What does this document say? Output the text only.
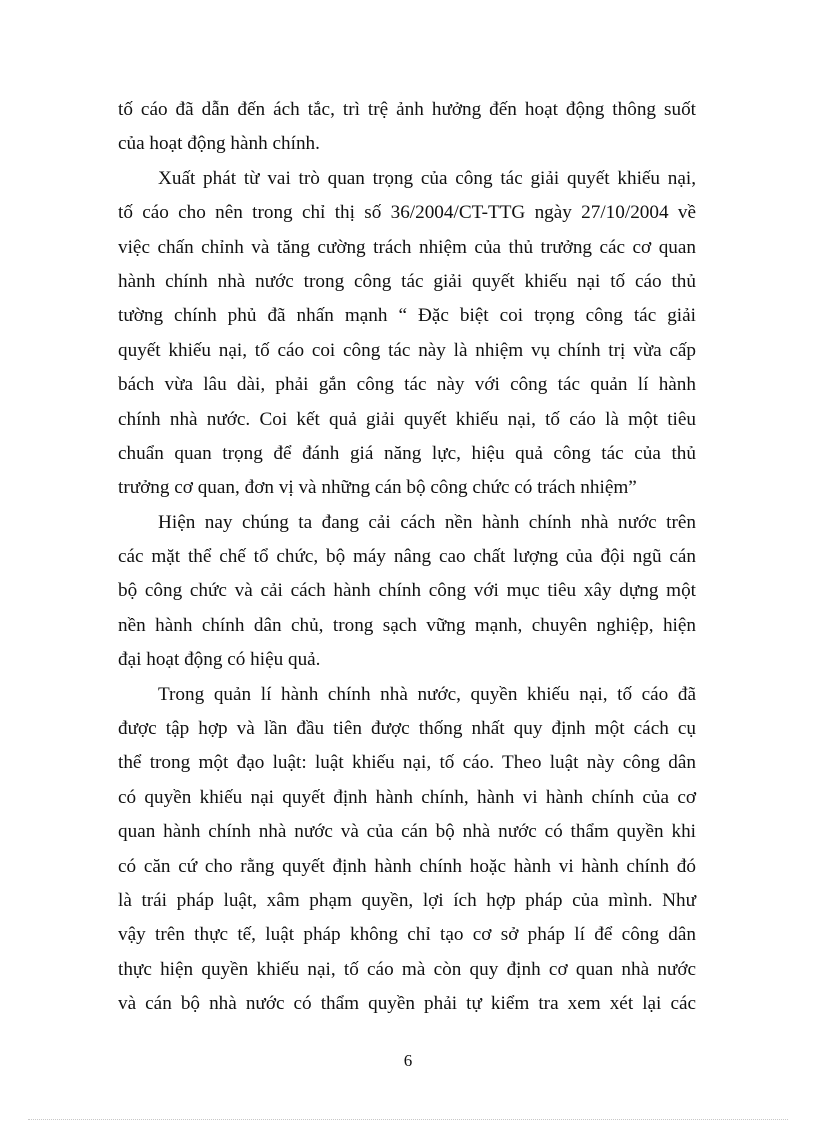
tố cáo đã dẫn đến ách tắc, trì trệ ảnh hưởng đến hoạt động thông suốt
của hoạt động hành chính.
Xuất phát từ vai trò quan trọng của công tác giải quyết khiếu nại,
tố cáo cho nên trong chỉ thị số 36/2004/CT-TTG ngày 27/10/2004 về
việc chấn chỉnh và tăng cường trách nhiệm của thủ trưởng các cơ quan
hành chính nhà nước trong công tác giải quyết khiếu nại tố cáo thủ
tường chính phủ đã nhấn mạnh “ Đặc biệt coi trọng công tác giải
quyết khiếu nại, tố cáo coi công tác này là nhiệm vụ chính trị vừa cấp
bách vừa lâu dài, phải gắn công tác này với công tác quản lí hành
chính nhà nước. Coi kết quả giải quyết khiếu nại, tố cáo là một tiêu
chuẩn quan trọng để đánh giá năng lực, hiệu quả công tác của thủ
trưởng cơ quan, đơn vị và những cán bộ công chức có trách nhiệm”
Hiện nay chúng ta đang cải cách nền hành chính nhà nước trên
các mặt thể chế tổ chức, bộ máy nâng cao chất lượng của đội ngũ cán
bộ công chức và cải cách hành chính công với mục tiêu xây dựng một
nền hành chính dân chủ, trong sạch vững mạnh, chuyên nghiệp, hiện
đại hoạt động có hiệu quả.
Trong quản lí hành chính nhà nước, quyền khiếu nại, tố cáo đã
được tập hợp và lần đầu tiên được thống nhất quy định một cách cụ
thể trong một đạo luật: luật khiếu nại, tố cáo. Theo luật này công dân
có quyền khiếu nại quyết định hành chính, hành vi hành chính của cơ
quan hành chính nhà nước và của cán bộ nhà nước có thẩm quyền khi
có căn cứ cho rằng quyết định hành chính hoặc hành vi hành chính đó
là trái pháp luật, xâm phạm quyền, lợi ích hợp pháp của mình. Như
vậy trên thực tế, luật pháp không chỉ tạo cơ sở pháp lí để công dân
thực hiện quyền khiếu nại, tố cáo mà còn quy định cơ quan nhà nước
và cán bộ nhà nước có thẩm quyền phải tự kiểm tra xem xét lại các
6
